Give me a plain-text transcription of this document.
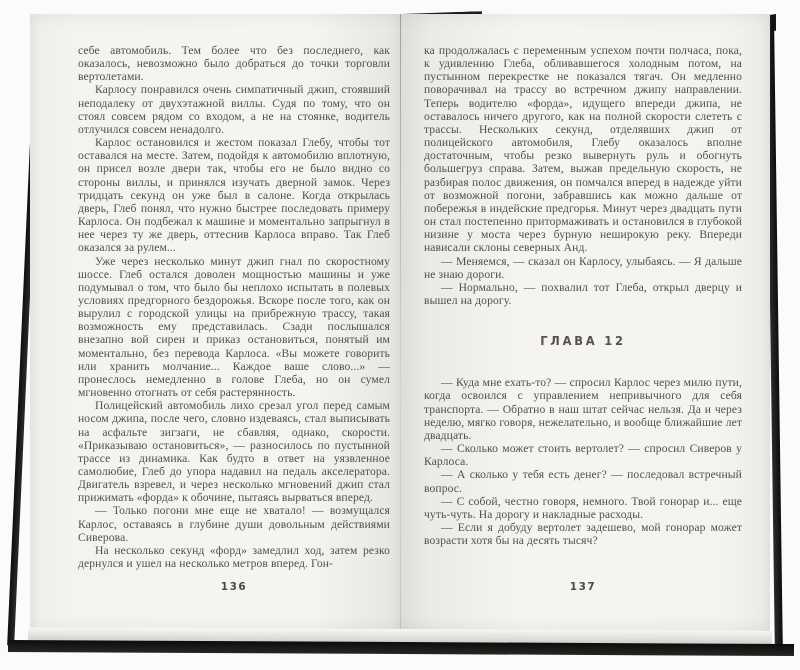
себе автомобиль. Тем более что без последнего, как оказалось, невозможно было добраться до точки торговли вертолетами.

Карлосу понравился очень симпатичный джип, стоявший неподалеку от двухэтажной виллы. Судя по тому, что он стоял совсем рядом со входом, а не на стоянке, водитель отлучился совсем ненадолго.

Карлос остановился и жестом показал Глебу, чтобы тот оставался на месте. Затем, подойдя к автомобилю вплотную, он присел возле двери так, чтобы его не было видно со стороны виллы, и принялся изучать дверной замок. Через тридцать секунд он уже был в салоне. Когда открылась дверь, Глеб понял, что нужно быстрее последовать примеру Карлоса. Он подбежал к машине и моментально запрыгнул в нее через ту же дверь, оттеснив Карлоса вправо. Так Глеб оказался за рулем...

Уже через несколько минут джип гнал по скоростному шоссе. Глеб остался доволен мощностью машины и уже подумывал о том, что было бы неплохо испытать в полевых условиях предгорного бездорожья. Вскоре после того, как он вырулил с городской улицы на прибрежную трассу, такая возможность ему представилась. Сзади послышался внезапно вой сирен и приказ остановиться, понятый им моментально, без перевода Карлоса. «Вы можете говорить или хранить молчание... Каждое ваше слово...» — пронеслось немедленно в голове Глеба, но он сумел мгновенно отогнать от себя растерянность.

Полицейский автомобиль лихо срезал угол перед самым носом джипа, после чего, словно издеваясь, стал выписывать на асфальте зигзаги, не сбавляя, однако, скорости. «Приказываю остановиться», — разносилось по пустынной трассе из динамика. Как будто в ответ на уязвленное самолюбие, Глеб до упора надавил на педаль акселератора. Двигатель взревел, и через несколько мгновений джип стал прижимать «форда» к обочине, пытаясь вырваться вперед.

— Только погони мне еще не хватало! — возмущался Карлос, оставаясь в глубине души довольным действиями Сиверова.

На несколько секунд «форд» замедлил ход, затем резко дернулся и ушел на несколько метров вперед. Гон-

136

ка продолжалась с переменным успехом почти полчаса, пока, к удивлению Глеба, обливавшегося холодным потом, на пустынном перекрестке не показался тягач. Он медленно поворачивал на трассу во встречном джипу направлении. Теперь водителю «форда», идущего впереди джипа, не оставалось ничего другого, как на полной скорости слететь с трассы. Нескольких секунд, отделявших джип от полицейского автомобиля, Глебу оказалось вполне достаточным, чтобы резко вывернуть руль и обогнуть большегруз справа. Затем, выжав предельную скорость, не разбирая полос движения, он помчался вперед в надежде уйти от возможной погони, забравшись как можно дальше от побережья в индейские предгорья. Минут через двадцать пути он стал постепенно притормаживать и остановился в глубокой низине у моста через бурную неширокую реку. Впереди нависали склоны северных Анд.

— Меняемся, — сказал он Карлосу, улыбаясь. — Я дальше не знаю дороги.

— Нормально, — похвалил тот Глеба, открыл дверцу и вышел на дорогу.

ГЛАВА 12

— Куда мне ехать-то? — спросил Карлос через милю пути, когда освоился с управлением непривычного для себя транспорта. — Обратно в наш штат сейчас нельзя. Да и через неделю, мягко говоря, нежелательно, и вообще ближайшие лет двадцать.

— Сколько может стоить вертолет? — спросил Сиверов у Карлоса.

— А сколько у тебя есть денег? — последовал встречный вопрос.

— С собой, честно говоря, немного. Твой гонорар и... еще чуть-чуть. На дорогу и накладные расходы.

— Если я добуду вертолет задешево, мой гонорар может возрасти хотя бы на десять тысяч?

137
